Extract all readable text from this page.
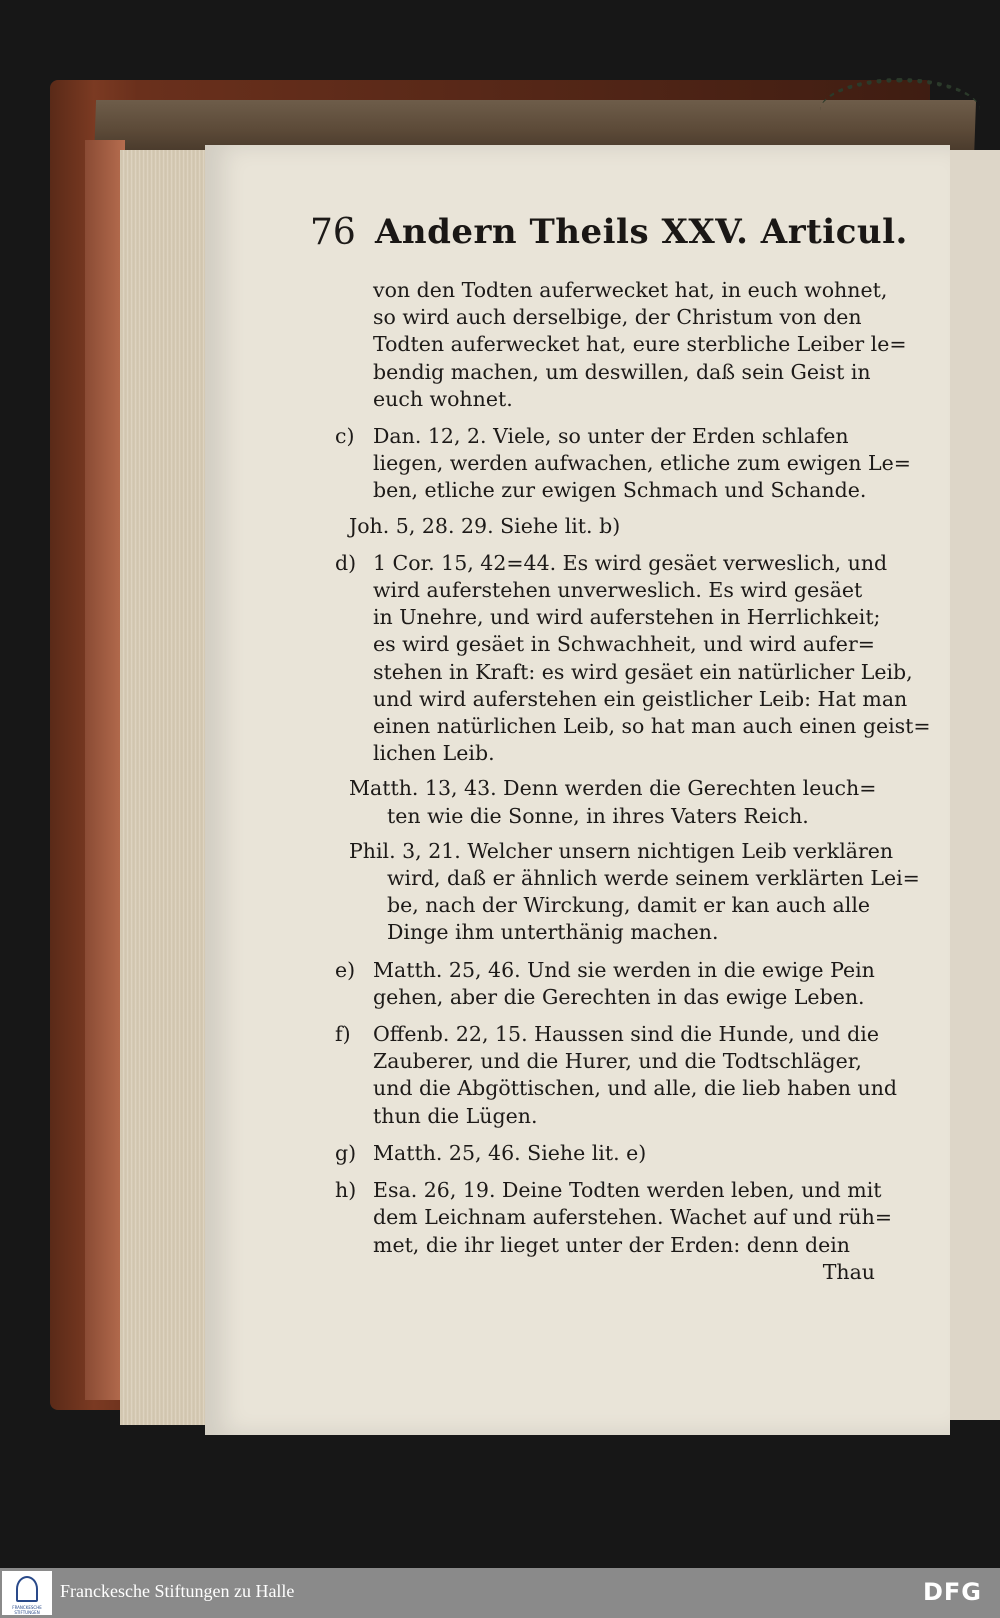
76 Andern Theils XXV. Articul.
von den Todten auferwecket hat, in euch wohnet,
so wird auch derselbige, der Christum von den
Todten auferwecket hat, eure sterbliche Leiber le=
bendig machen, um deswillen, daß sein Geist in
euch wohnet.
c) Dan. 12, 2. Viele, so unter der Erden schlafen
liegen, werden aufwachen, etliche zum ewigen Le=
ben, etliche zur ewigen Schmach und Schande.
Joh. 5, 28. 29. Siehe lit. b)
d) 1 Cor. 15, 42=44. Es wird gesäet verweslich, und
wird auferstehen unverweslich. Es wird gesäet
in Unehre, und wird auferstehen in Herrlichkeit;
es wird gesäet in Schwachheit, und wird aufer=
stehen in Kraft: es wird gesäet ein natürlicher Leib,
und wird auferstehen ein geistlicher Leib: Hat man
einen natürlichen Leib, so hat man auch einen geist=
lichen Leib.
Matth. 13, 43. Denn werden die Gerechten leuch=
ten wie die Sonne, in ihres Vaters Reich.
Phil. 3, 21. Welcher unsern nichtigen Leib verklären
wird, daß er ähnlich werde seinem verklärten Lei=
be, nach der Wirckung, damit er kan auch alle
Dinge ihm unterthänig machen.
e) Matth. 25, 46. Und sie werden in die ewige Pein
gehen, aber die Gerechten in das ewige Leben.
f) Offenb. 22, 15. Haussen sind die Hunde, und die
Zauberer, und die Hurer, und die Todtschläger,
und die Abgöttischen, und alle, die lieb haben und
thun die Lügen.
g) Matth. 25, 46. Siehe lit. e)
h) Esa. 26, 19. Deine Todten werden leben, und mit
dem Leichnam auferstehen. Wachet auf und rüh=
met, die ihr lieget unter der Erden: denn dein
Thau
FRANCKESCHE STIFTUNGEN
Franckesche Stiftungen zu Halle	DFG
